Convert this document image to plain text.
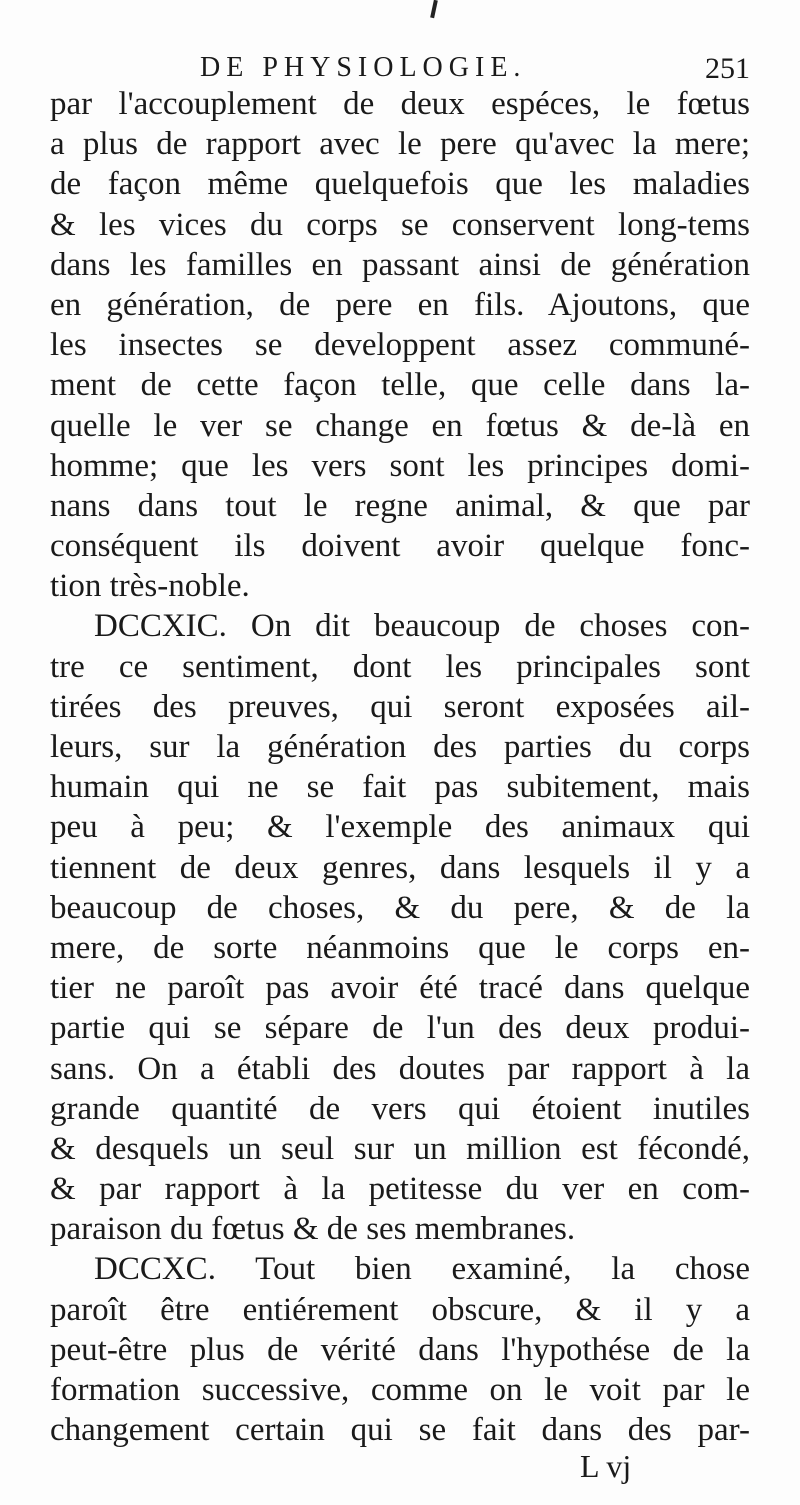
DE PHYSIOLOGIE.	251
par l'accouplement de deux espéces, le fœtus
a plus de rapport avec le pere qu'avec la mere;
de façon même quelquefois que les maladies
& les vices du corps se conservent long-tems
dans les familles en passant ainsi de génération
en génération, de pere en fils. Ajoutons, que
les insectes se developpent assez communé-
ment de cette façon telle, que celle dans la-
quelle le ver se change en fœtus & de-là en
homme; que les vers sont les principes domi-
nans dans tout le regne animal, & que par
conséquent ils doivent avoir quelque fonc-
tion très-noble.
DCCXIC. On dit beaucoup de choses con-
tre ce sentiment, dont les principales sont
tirées des preuves, qui seront exposées ail-
leurs, sur la génération des parties du corps
humain qui ne se fait pas subitement, mais
peu à peu; & l'exemple des animaux qui
tiennent de deux genres, dans lesquels il y a
beaucoup de choses, & du pere, & de la
mere, de sorte néanmoins que le corps en-
tier ne paroît pas avoir été tracé dans quelque
partie qui se sépare de l'un des deux produi-
sans. On a établi des doutes par rapport à la
grande quantité de vers qui étoient inutiles
& desquels un seul sur un million est fécondé,
& par rapport à la petitesse du ver en com-
paraison du fœtus & de ses membranes.
DCCXC. Tout bien examiné, la chose
paroît être entiérement obscure, & il y a
peut-être plus de vérité dans l'hypothése de la
formation successive, comme on le voit par le
changement certain qui se fait dans des par-
L vj
